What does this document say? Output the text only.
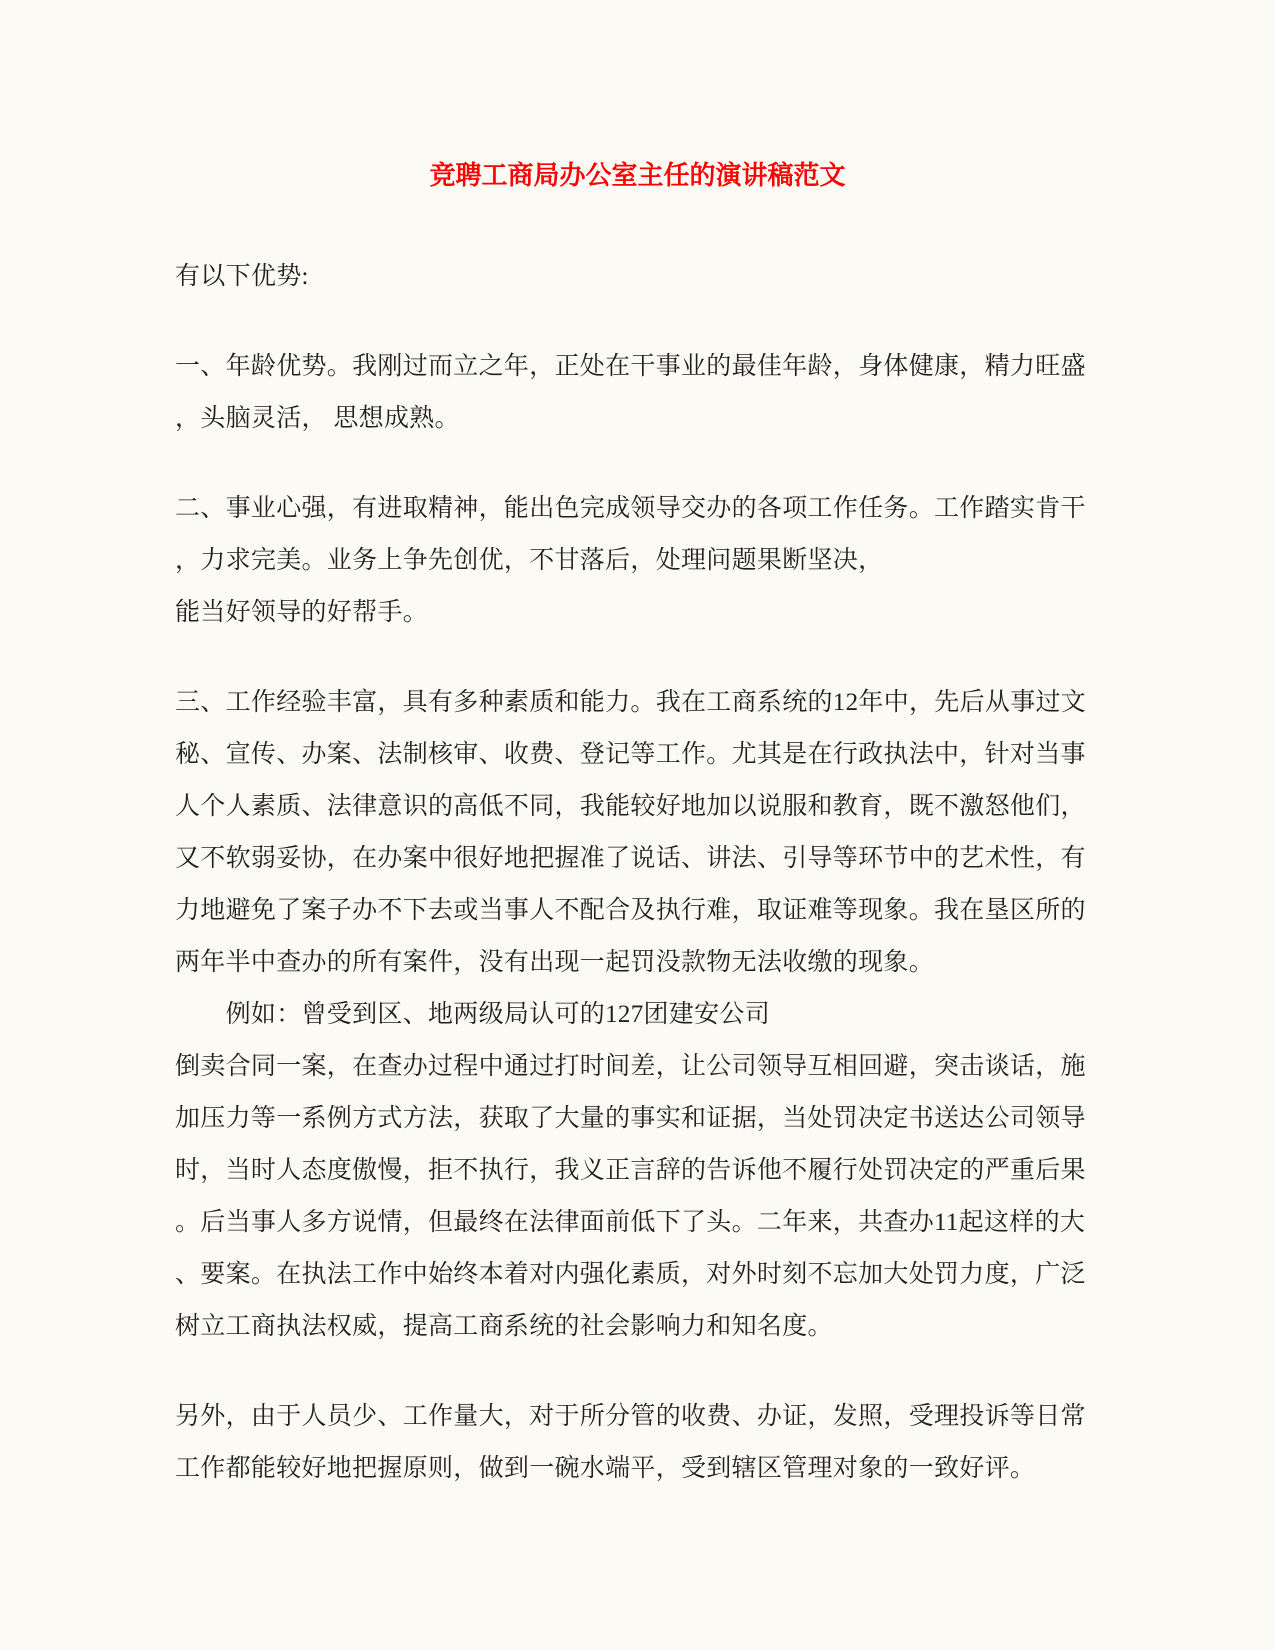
竞聘工商局办公室主任的演讲稿范文
有以下优势:
一、年龄优势。我刚过而立之年，正处在干事业的最佳年龄，身体健康，精力旺盛
，头脑灵活， 思想成熟。
二、事业心强，有进取精神，能出色完成领导交办的各项工作任务。工作踏实肯干
，力求完美。业务上争先创优，不甘落后，处理问题果断坚决，
能当好领导的好帮手。
三、工作经验丰富，具有多种素质和能力。我在工商系统的12年中，先后从事过文
秘、宣传、办案、法制核审、收费、登记等工作。尤其是在行政执法中，针对当事
人个人素质、法律意识的高低不同，我能较好地加以说服和教育，既不激怒他们，
又不软弱妥协，在办案中很好地把握准了说话、讲法、引导等环节中的艺术性，有
力地避免了案子办不下去或当事人不配合及执行难，取证难等现象。我在垦区所的
两年半中查办的所有案件，没有出现一起罚没款物无法收缴的现象。
　　例如：曾受到区、地两级局认可的127团建安公司
倒卖合同一案，在查办过程中通过打时间差，让公司领导互相回避，突击谈话，施
加压力等一系例方式方法，获取了大量的事实和证据，当处罚决定书送达公司领导
时，当时人态度傲慢，拒不执行，我义正言辞的告诉他不履行处罚决定的严重后果
。后当事人多方说情，但最终在法律面前低下了头。二年来，共查办11起这样的大
、要案。在执法工作中始终本着对内强化素质，对外时刻不忘加大处罚力度，广泛
树立工商执法权威，提高工商系统的社会影响力和知名度。
另外，由于人员少、工作量大，对于所分管的收费、办证，发照，受理投诉等日常
工作都能较好地把握原则，做到一碗水端平，受到辖区管理对象的一致好评。
